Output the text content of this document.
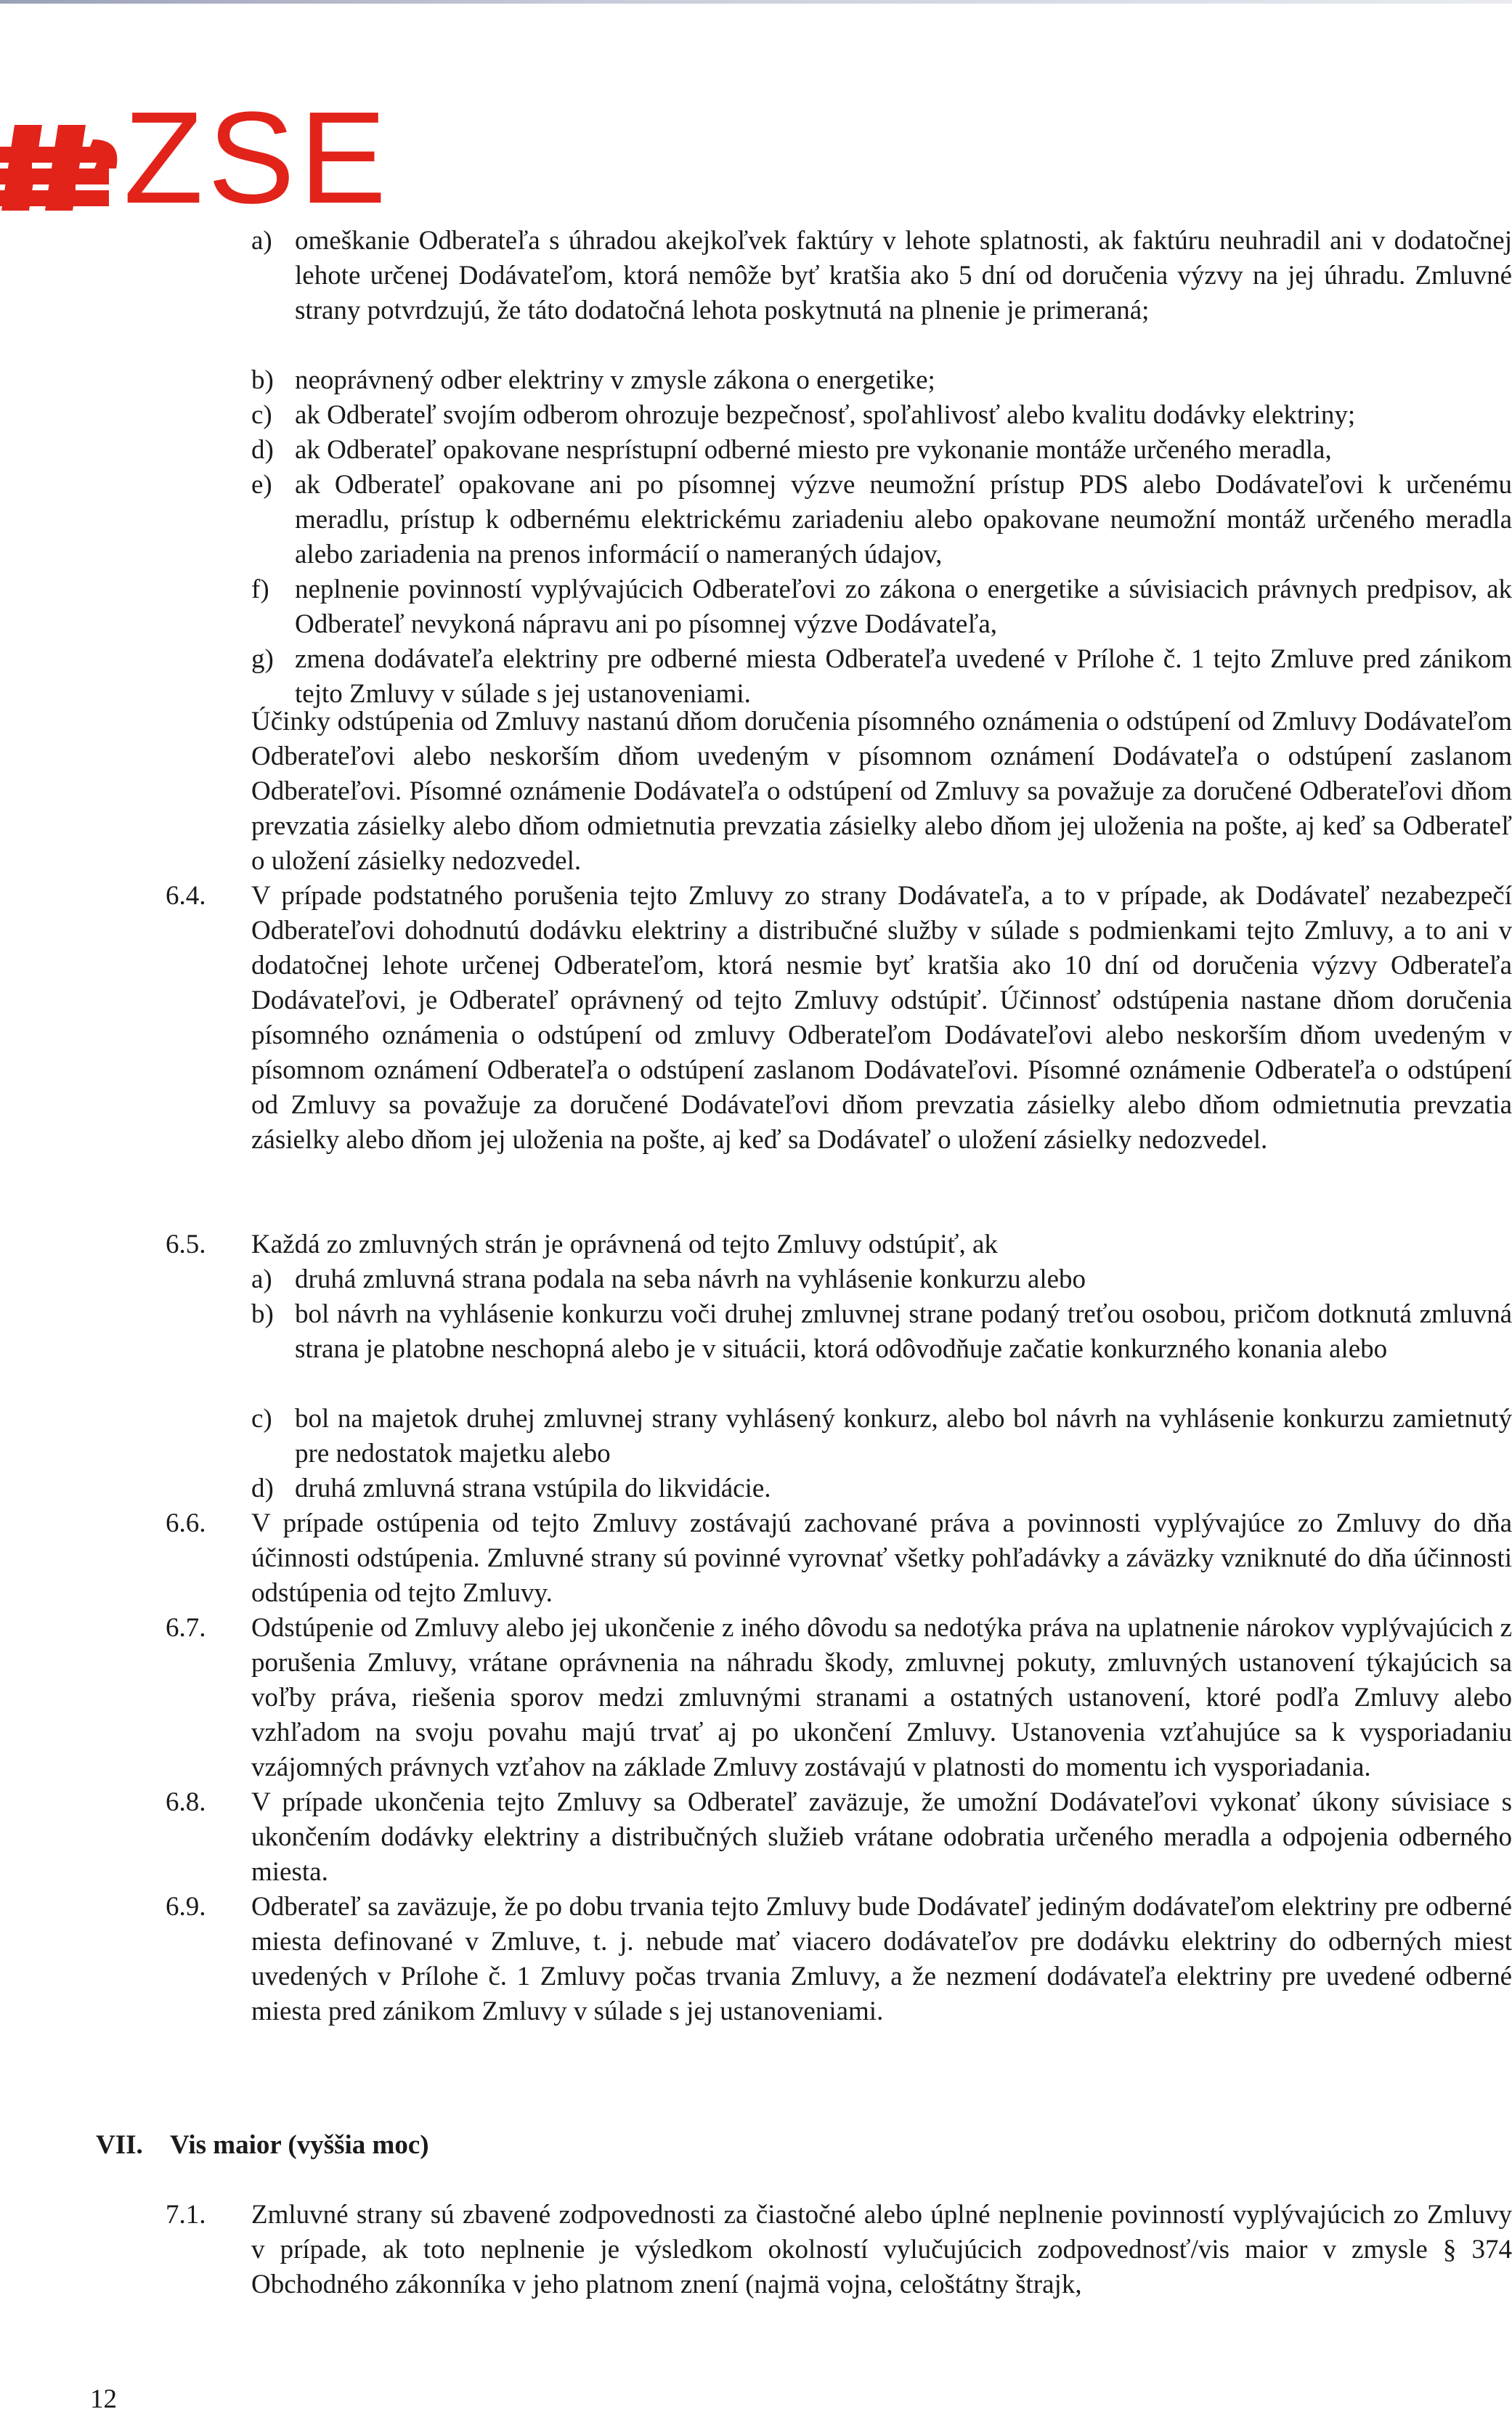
ZSE
a) omeškanie Odberateľa s úhradou akejkoľvek faktúry v lehote splatnosti, ak faktúru neuhradil ani v dodatočnej lehote určenej Dodávateľom, ktorá nemôže byť kratšia ako 5 dní od doručenia výzvy na jej úhradu. Zmluvné strany potvrdzujú, že táto dodatočná lehota poskytnutá na plnenie je primeraná;

b) neoprávnený odber elektriny v zmysle zákona o energetike;

c) ak Odberateľ svojím odberom ohrozuje bezpečnosť, spoľahlivosť alebo kvalitu dodávky elektriny;

d) ak Odberateľ opakovane nesprístupní odberné miesto pre vykonanie montáže určeného meradla,

e) ak Odberateľ opakovane ani po písomnej výzve neumožní prístup PDS alebo Dodávateľovi k určenému meradlu, prístup k odbernému elektrickému zariadeniu alebo opakovane neumožní montáž určeného meradla alebo zariadenia na prenos informácií o nameraných údajov,

f) neplnenie povinností vyplývajúcich Odberateľovi zo zákona o energetike a súvisiacich právnych predpisov, ak Odberateľ nevykoná nápravu ani po písomnej výzve Dodávateľa,

g) zmena dodávateľa elektriny pre odberné miesta Odberateľa uvedené v Prílohe č. 1 tejto Zmluve pred zánikom tejto Zmluvy v súlade s jej ustanoveniami.

Účinky odstúpenia od Zmluvy nastanú dňom doručenia písomného oznámenia o odstúpení od Zmluvy Dodávateľom Odberateľovi alebo neskorším dňom uvedeným v písomnom oznámení Dodávateľa o odstúpení zaslanom Odberateľovi. Písomné oznámenie Dodávateľa o odstúpení od Zmluvy sa považuje za doručené Odberateľovi dňom prevzatia zásielky alebo dňom odmietnutia prevzatia zásielky alebo dňom jej uloženia na pošte, aj keď sa Odberateľ o uložení zásielky nedozvedel.

6.4. V prípade podstatného porušenia tejto Zmluvy zo strany Dodávateľa, a to v prípade, ak Dodávateľ nezabezpečí Odberateľovi dohodnutú dodávku elektriny a distribučné služby v súlade s podmienkami tejto Zmluvy, a to ani v dodatočnej lehote určenej Odberateľom, ktorá nesmie byť kratšia ako 10 dní od doručenia výzvy Odberateľa Dodávateľovi, je Odberateľ oprávnený od tejto Zmluvy odstúpiť. Účinnosť odstúpenia nastane dňom doručenia písomného oznámenia o odstúpení od zmluvy Odberateľom Dodávateľovi alebo neskorším dňom uvedeným v písomnom oznámení Odberateľa o odstúpení zaslanom Dodávateľovi. Písomné oznámenie Odberateľa o odstúpení od Zmluvy sa považuje za doručené Dodávateľovi dňom prevzatia zásielky alebo dňom odmietnutia prevzatia zásielky alebo dňom jej uloženia na pošte, aj keď sa Dodávateľ o uložení zásielky nedozvedel.

6.5. Každá zo zmluvných strán je oprávnená od tejto Zmluvy odstúpiť, ak

a) druhá zmluvná strana podala na seba návrh na vyhlásenie konkurzu alebo

b) bol návrh na vyhlásenie konkurzu voči druhej zmluvnej strane podaný treťou osobou, pričom dotknutá zmluvná strana je platobne neschopná alebo je v situácii, ktorá odôvodňuje začatie konkurzného konania alebo

c) bol na majetok druhej zmluvnej strany vyhlásený konkurz, alebo bol návrh na vyhlásenie konkurzu zamietnutý pre nedostatok majetku alebo

d) druhá zmluvná strana vstúpila do likvidácie.

6.6. V prípade ostúpenia od tejto Zmluvy zostávajú zachované práva a povinnosti vyplývajúce zo Zmluvy do dňa účinnosti odstúpenia. Zmluvné strany sú povinné vyrovnať všetky pohľadávky a záväzky vzniknuté do dňa účinnosti odstúpenia od tejto Zmluvy.

6.7. Odstúpenie od Zmluvy alebo jej ukončenie z iného dôvodu sa nedotýka práva na uplatnenie nárokov vyplývajúcich z porušenia Zmluvy, vrátane oprávnenia na náhradu škody, zmluvnej pokuty, zmluvných ustanovení týkajúcich sa voľby práva, riešenia sporov medzi zmluvnými stranami a ostatných ustanovení, ktoré podľa Zmluvy alebo vzhľadom na svoju povahu majú trvať aj po ukončení Zmluvy. Ustanovenia vzťahujúce sa k vysporiadaniu vzájomných právnych vzťahov na základe Zmluvy zostávajú v platnosti do momentu ich vysporiadania.

6.8. V prípade ukončenia tejto Zmluvy sa Odberateľ zaväzuje, že umožní Dodávateľovi vykonať úkony súvisiace s ukončením dodávky elektriny a distribučných služieb vrátane odobratia určeného meradla a odpojenia odberného miesta.

6.9. Odberateľ sa zaväzuje, že po dobu trvania tejto Zmluvy bude Dodávateľ jediným dodávateľom elektriny pre odberné miesta definované v Zmluve, t. j. nebude mať viacero dodávateľov pre dodávku elektriny do odberných miest uvedených v Prílohe č. 1 Zmluvy počas trvania Zmluvy, a že nezmení dodávateľa elektriny pre uvedené odberné miesta pred zánikom Zmluvy v súlade s jej ustanoveniami.

VII. Vis maior (vyššia moc)
7.1. Zmluvné strany sú zbavené zodpovednosti za čiastočné alebo úplné neplnenie povinností vyplývajúcich zo Zmluvy v prípade, ak toto neplnenie je výsledkom okolností vylučujúcich zodpovednosť/vis maior v zmysle § 374 Obchodného zákonníka v jeho platnom znení (najmä vojna, celoštátny štrajk,

12
